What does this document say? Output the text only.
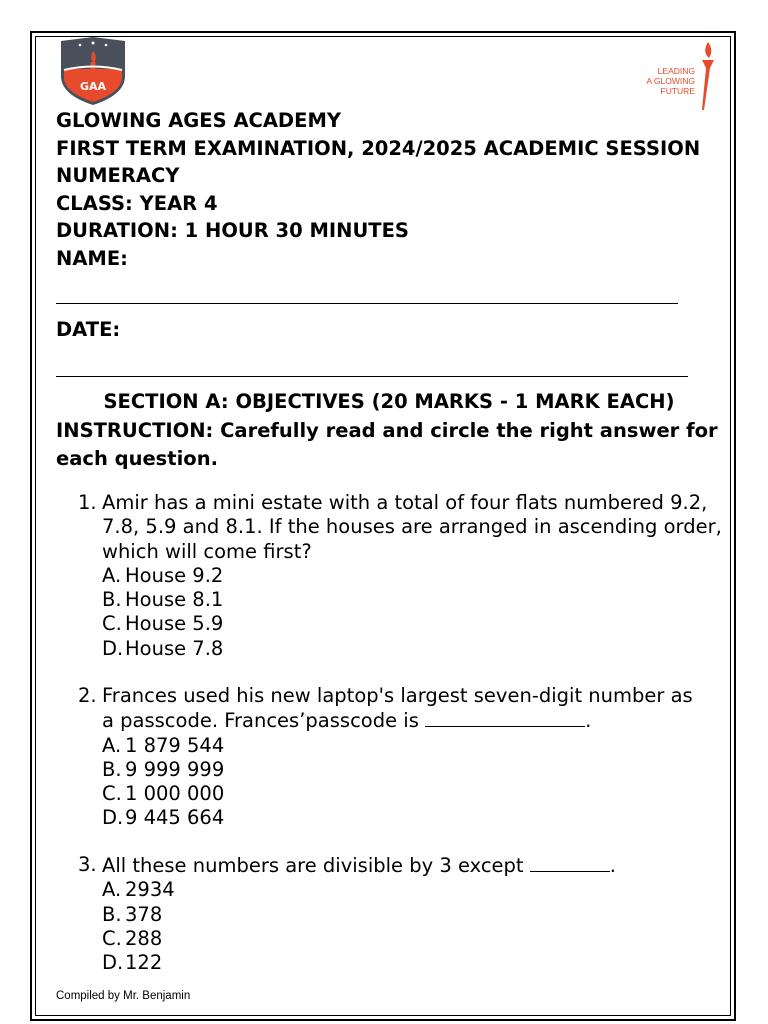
GAA
LEADING
A GLOWING
FUTURE
GLOWING AGES ACADEMY
FIRST TERM EXAMINATION, 2024/2025 ACADEMIC SESSION
NUMERACY
CLASS: YEAR 4
DURATION: 1 HOUR 30 MINUTES
NAME:
DATE:
SECTION A: OBJECTIVES (20 MARKS - 1 MARK EACH)
INSTRUCTION: Carefully read and circle the right answer for each question.
1. Amir has a mini estate with a total of four flats numbered 9.2, 7.8, 5.9 and 8.1. If the houses are arranged in ascending order, which will come first?
A. House 9.2
B. House 8.1
C. House 5.9
D.House 7.8
2. Frances used his new laptop's largest seven-digit number as
a passcode. Frances’passcode is	.
A. 1 879 544
B. 9 999 999
C. 1 000 000
D.9 445 664
3. All these numbers are divisible by 3 except	.
A. 2934
B. 378
C. 288
D.122
Compiled by Mr. Benjamin
